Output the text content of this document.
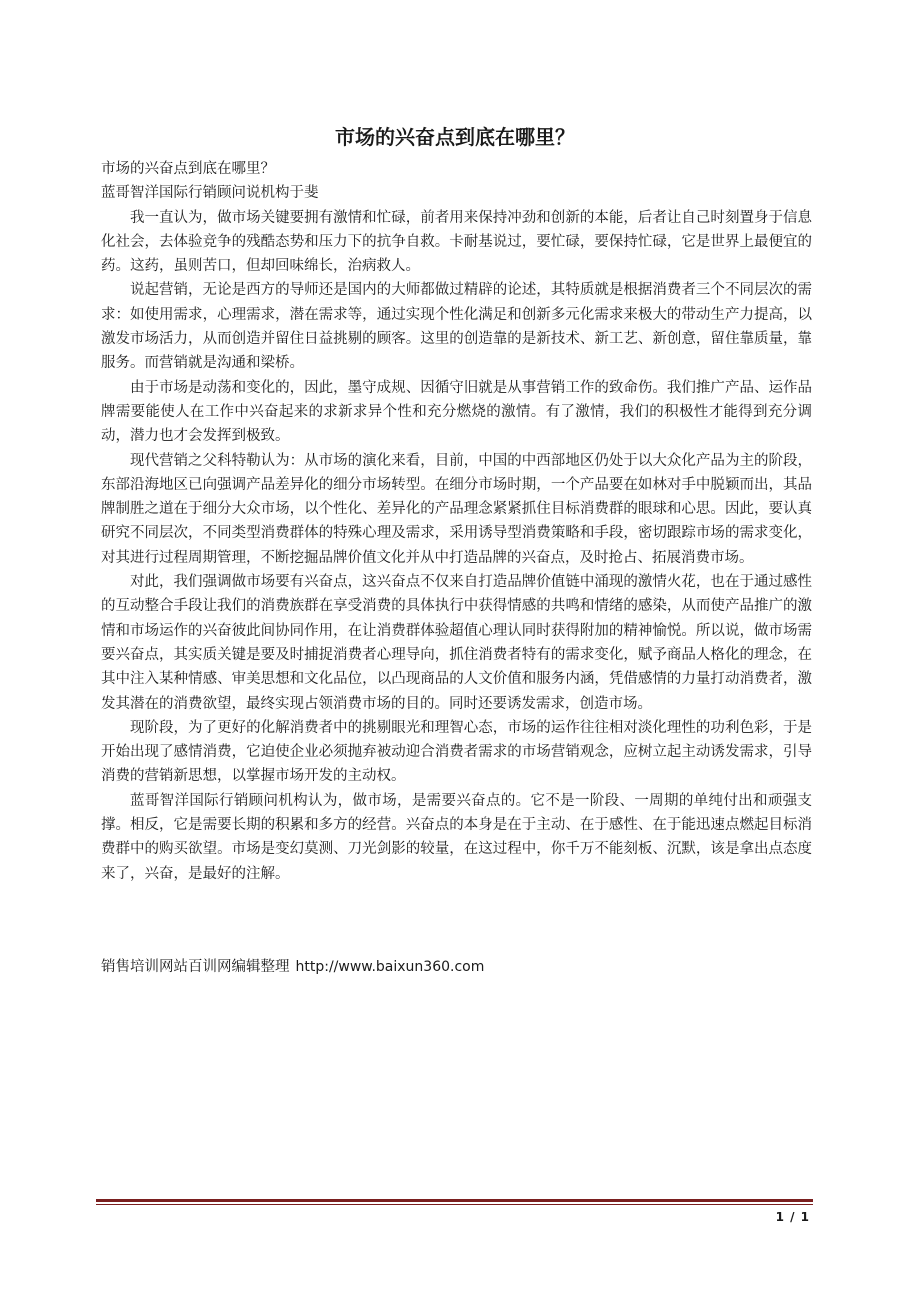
市场的兴奋点到底在哪里？

市场的兴奋点到底在哪里？

蓝哥智洋国际行销顾问说机构于斐

我一直认为，做市场关键要拥有激情和忙碌，前者用来保持冲劲和创新的本能，后者让自己时刻置身于信息化社会，去体验竞争的残酷态势和压力下的抗争自救。卡耐基说过，要忙碌，要保持忙碌，它是世界上最便宜的药。这药，虽则苦口，但却回味绵长，治病救人。

说起营销，无论是西方的导师还是国内的大师都做过精辟的论述，其特质就是根据消费者三个不同层次的需求：如使用需求，心理需求，潜在需求等，通过实现个性化满足和创新多元化需求来极大的带动生产力提高，以激发市场活力，从而创造并留住日益挑剔的顾客。这里的创造靠的是新技术、新工艺、新创意，留住靠质量，靠服务。而营销就是沟通和梁桥。

由于市场是动荡和变化的，因此，墨守成规、因循守旧就是从事营销工作的致命伤。我们推广产品、运作品牌需要能使人在工作中兴奋起来的求新求异个性和充分燃烧的激情。有了激情，我们的积极性才能得到充分调动，潜力也才会发挥到极致。

现代营销之父科特勒认为：从市场的演化来看，目前，中国的中西部地区仍处于以大众化产品为主的阶段，东部沿海地区已向强调产品差异化的细分市场转型。在细分市场时期，一个产品要在如林对手中脱颖而出，其品牌制胜之道在于细分大众市场，以个性化、差异化的产品理念紧紧抓住目标消费群的眼球和心思。因此，要认真研究不同层次，不同类型消费群体的特殊心理及需求，采用诱导型消费策略和手段，密切跟踪市场的需求变化，对其进行过程周期管理，不断挖掘品牌价值文化并从中打造品牌的兴奋点，及时抢占、拓展消费市场。

对此，我们强调做市场要有兴奋点，这兴奋点不仅来自打造品牌价值链中涌现的激情火花，也在于通过感性的互动整合手段让我们的消费族群在享受消费的具体执行中获得情感的共鸣和情绪的感染，从而使产品推广的激情和市场运作的兴奋彼此间协同作用，在让消费群体验超值心理认同时获得附加的精神愉悦。所以说，做市场需要兴奋点，其实质关键是要及时捕捉消费者心理导向，抓住消费者特有的需求变化，赋予商品人格化的理念，在其中注入某种情感、审美思想和文化品位，以凸现商品的人文价值和服务内涵，凭借感情的力量打动消费者，激发其潜在的消费欲望，最终实现占领消费市场的目的。同时还要诱发需求，创造市场。

现阶段，为了更好的化解消费者中的挑剔眼光和理智心态，市场的运作往往相对淡化理性的功利色彩，于是开始出现了感情消费，它迫使企业必须抛弃被动迎合消费者需求的市场营销观念，应树立起主动诱发需求，引导消费的营销新思想，以掌握市场开发的主动权。

蓝哥智洋国际行销顾问机构认为，做市场，是需要兴奋点的。它不是一阶段、一周期的单纯付出和顽强支撑。相反，它是需要长期的积累和多方的经营。兴奋点的本身是在于主动、在于感性、在于能迅速点燃起目标消费群中的购买欲望。市场是变幻莫测、刀光剑影的较量，在这过程中，你千万不能刻板、沉默，该是拿出点态度来了，兴奋，是最好的注解。

销售培训网站百训网编辑整理 http://www.baixun360.com
1 / 1
